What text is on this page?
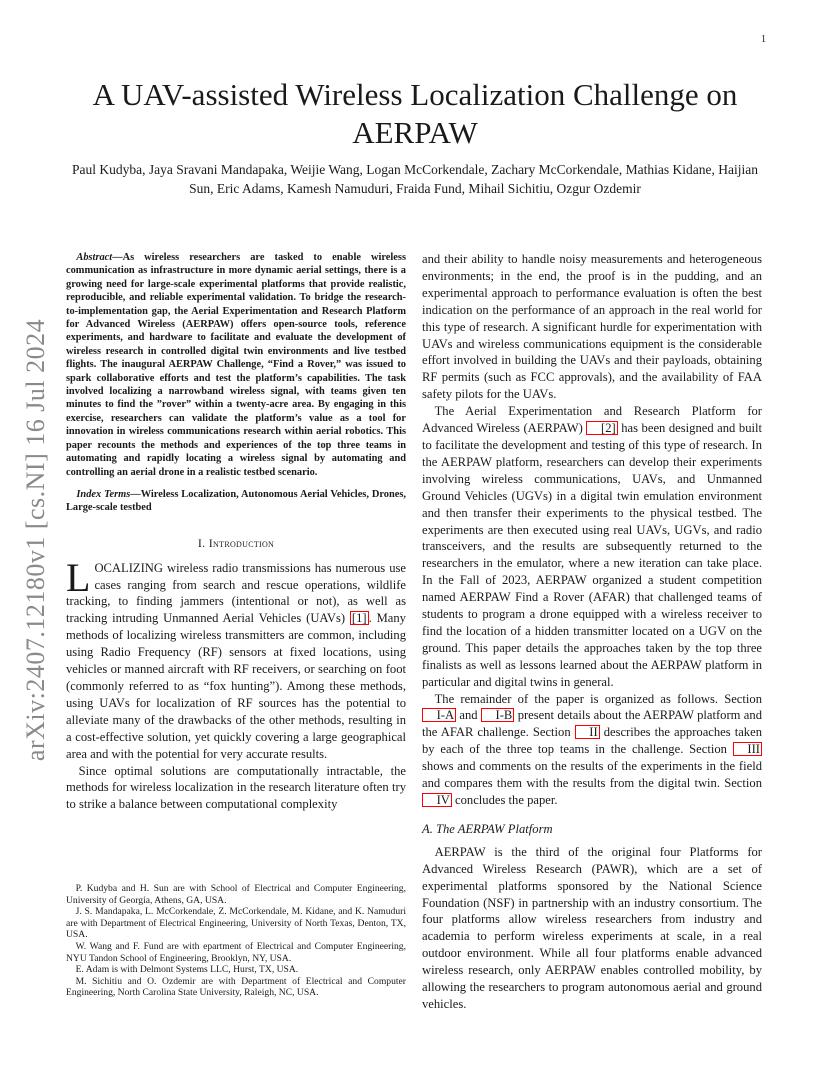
1
arXiv:2407.12180v1 [cs.NI] 16 Jul 2024
A UAV-assisted Wireless Localization Challenge on AERPAW
Paul Kudyba, Jaya Sravani Mandapaka, Weijie Wang, Logan McCorkendale, Zachary McCorkendale, Mathias Kidane, Haijian Sun, Eric Adams, Kamesh Namuduri, Fraida Fund, Mihail Sichitiu, Ozgur Ozdemir

Abstract—As wireless researchers are tasked to enable wireless communication as infrastructure in more dynamic aerial settings, there is a growing need for large-scale experimental platforms that provide realistic, reproducible, and reliable experimental validation. To bridge the research-to-implementation gap, the Aerial Experimentation and Research Platform for Advanced Wireless (AERPAW) offers open-source tools, reference experiments, and hardware to facilitate and evaluate the development of wireless research in controlled digital twin environments and live testbed flights. The inaugural AERPAW Challenge, “Find a Rover,” was issued to spark collaborative efforts and test the platform’s capabilities. The task involved localizing a narrowband wireless signal, with teams given ten minutes to find the ”rover” within a twenty-acre area. By engaging in this exercise, researchers can validate the platform’s value as a tool for innovation in wireless communications research within aerial robotics. This paper recounts the methods and experiences of the top three teams in automating and rapidly locating a wireless signal by automating and controlling an aerial drone in a realistic testbed scenario.

Index Terms—Wireless Localization, Autonomous Aerial Vehicles, Drones, Large-scale testbed

I. Introduction

LOCALIZING wireless radio transmissions has numerous use cases ranging from search and rescue operations, wildlife tracking, to finding jammers (intentional or not), as well as tracking intruding Unmanned Aerial Vehicles (UAVs) [1] . Many methods of localizing wireless transmitters are common, including using Radio Frequency (RF) sensors at fixed locations, using vehicles or manned aircraft with RF receivers, or searching on foot (commonly referred to as “fox hunting”). Among these methods, using UAVs for localization of RF sources has the potential to alleviate many of the drawbacks of the other methods, resulting in a cost-effective solution, yet quickly covering a large geographical area and with the potential for very accurate results.

Since optimal solutions are computationally intractable, the methods for wireless localization in the research literature often try to strike a balance between computational complexity

and their ability to handle noisy measurements and heterogeneous environments; in the end, the proof is in the pudding, and an experimental approach to performance evaluation is often the best indication on the performance of an approach in the real world for this type of research. A significant hurdle for experimentation with UAVs and wireless communications equipment is the considerable effort involved in building the UAVs and their payloads, obtaining RF permits (such as FCC approvals), and the availability of FAA safety pilots for the UAVs.

The Aerial Experimentation and Research Platform for Advanced Wireless (AERPAW) [2] has been designed and built to facilitate the development and testing of this type of research. In the AERPAW platform, researchers can develop their experiments involving wireless communications, UAVs, and Unmanned Ground Vehicles (UGVs) in a digital twin emulation environment and then transfer their experiments to the physical testbed. The experiments are then executed using real UAVs, UGVs, and radio transceivers, and the results are subsequently returned to the researchers in the emulator, where a new iteration can take place. In the Fall of 2023, AERPAW organized a student competition named AERPAW Find a Rover (AFAR) that challenged teams of students to program a drone equipped with a wireless receiver to find the location of a hidden transmitter located on a UGV on the ground. This paper details the approaches taken by the top three finalists as well as lessons learned about the AERPAW platform in particular and digital twins in general.

The remainder of the paper is organized as follows. Section I-A and I-B present details about the AERPAW platform and the AFAR challenge. Section II describes the approaches taken by each of the three top teams in the challenge. Section III shows and comments on the results of the experiments in the field and compares them with the results from the digital twin. Section IV concludes the paper.

A. The AERPAW Platform

AERPAW is the third of the original four Platforms for Advanced Wireless Research (PAWR), which are a set of experimental platforms sponsored by the National Science Foundation (NSF) in partnership with an industry consortium. The four platforms allow wireless researchers from industry and academia to perform wireless experiments at scale, in a real outdoor environment. While all four platforms enable advanced wireless research, only AERPAW enables controlled mobility, by allowing the researchers to program autonomous aerial and ground vehicles.

P. Kudyba and H. Sun are with School of Electrical and Computer Engineering, University of Georgia, Athens, GA, USA.

J. S. Mandapaka, L. McCorkendale, Z. McCorkendale, M. Kidane, and K. Namuduri are with Department of Electrical Engineering, University of North Texas, Denton, TX, USA.

W. Wang and F. Fund are with epartment of Electrical and Computer Engineering, NYU Tandon School of Engineering, Brooklyn, NY, USA.

E. Adam is with Delmont Systems LLC, Hurst, TX, USA.

M. Sichitiu and O. Ozdemir are with Department of Electrical and Computer Engineering, North Carolina State University, Raleigh, NC, USA.
